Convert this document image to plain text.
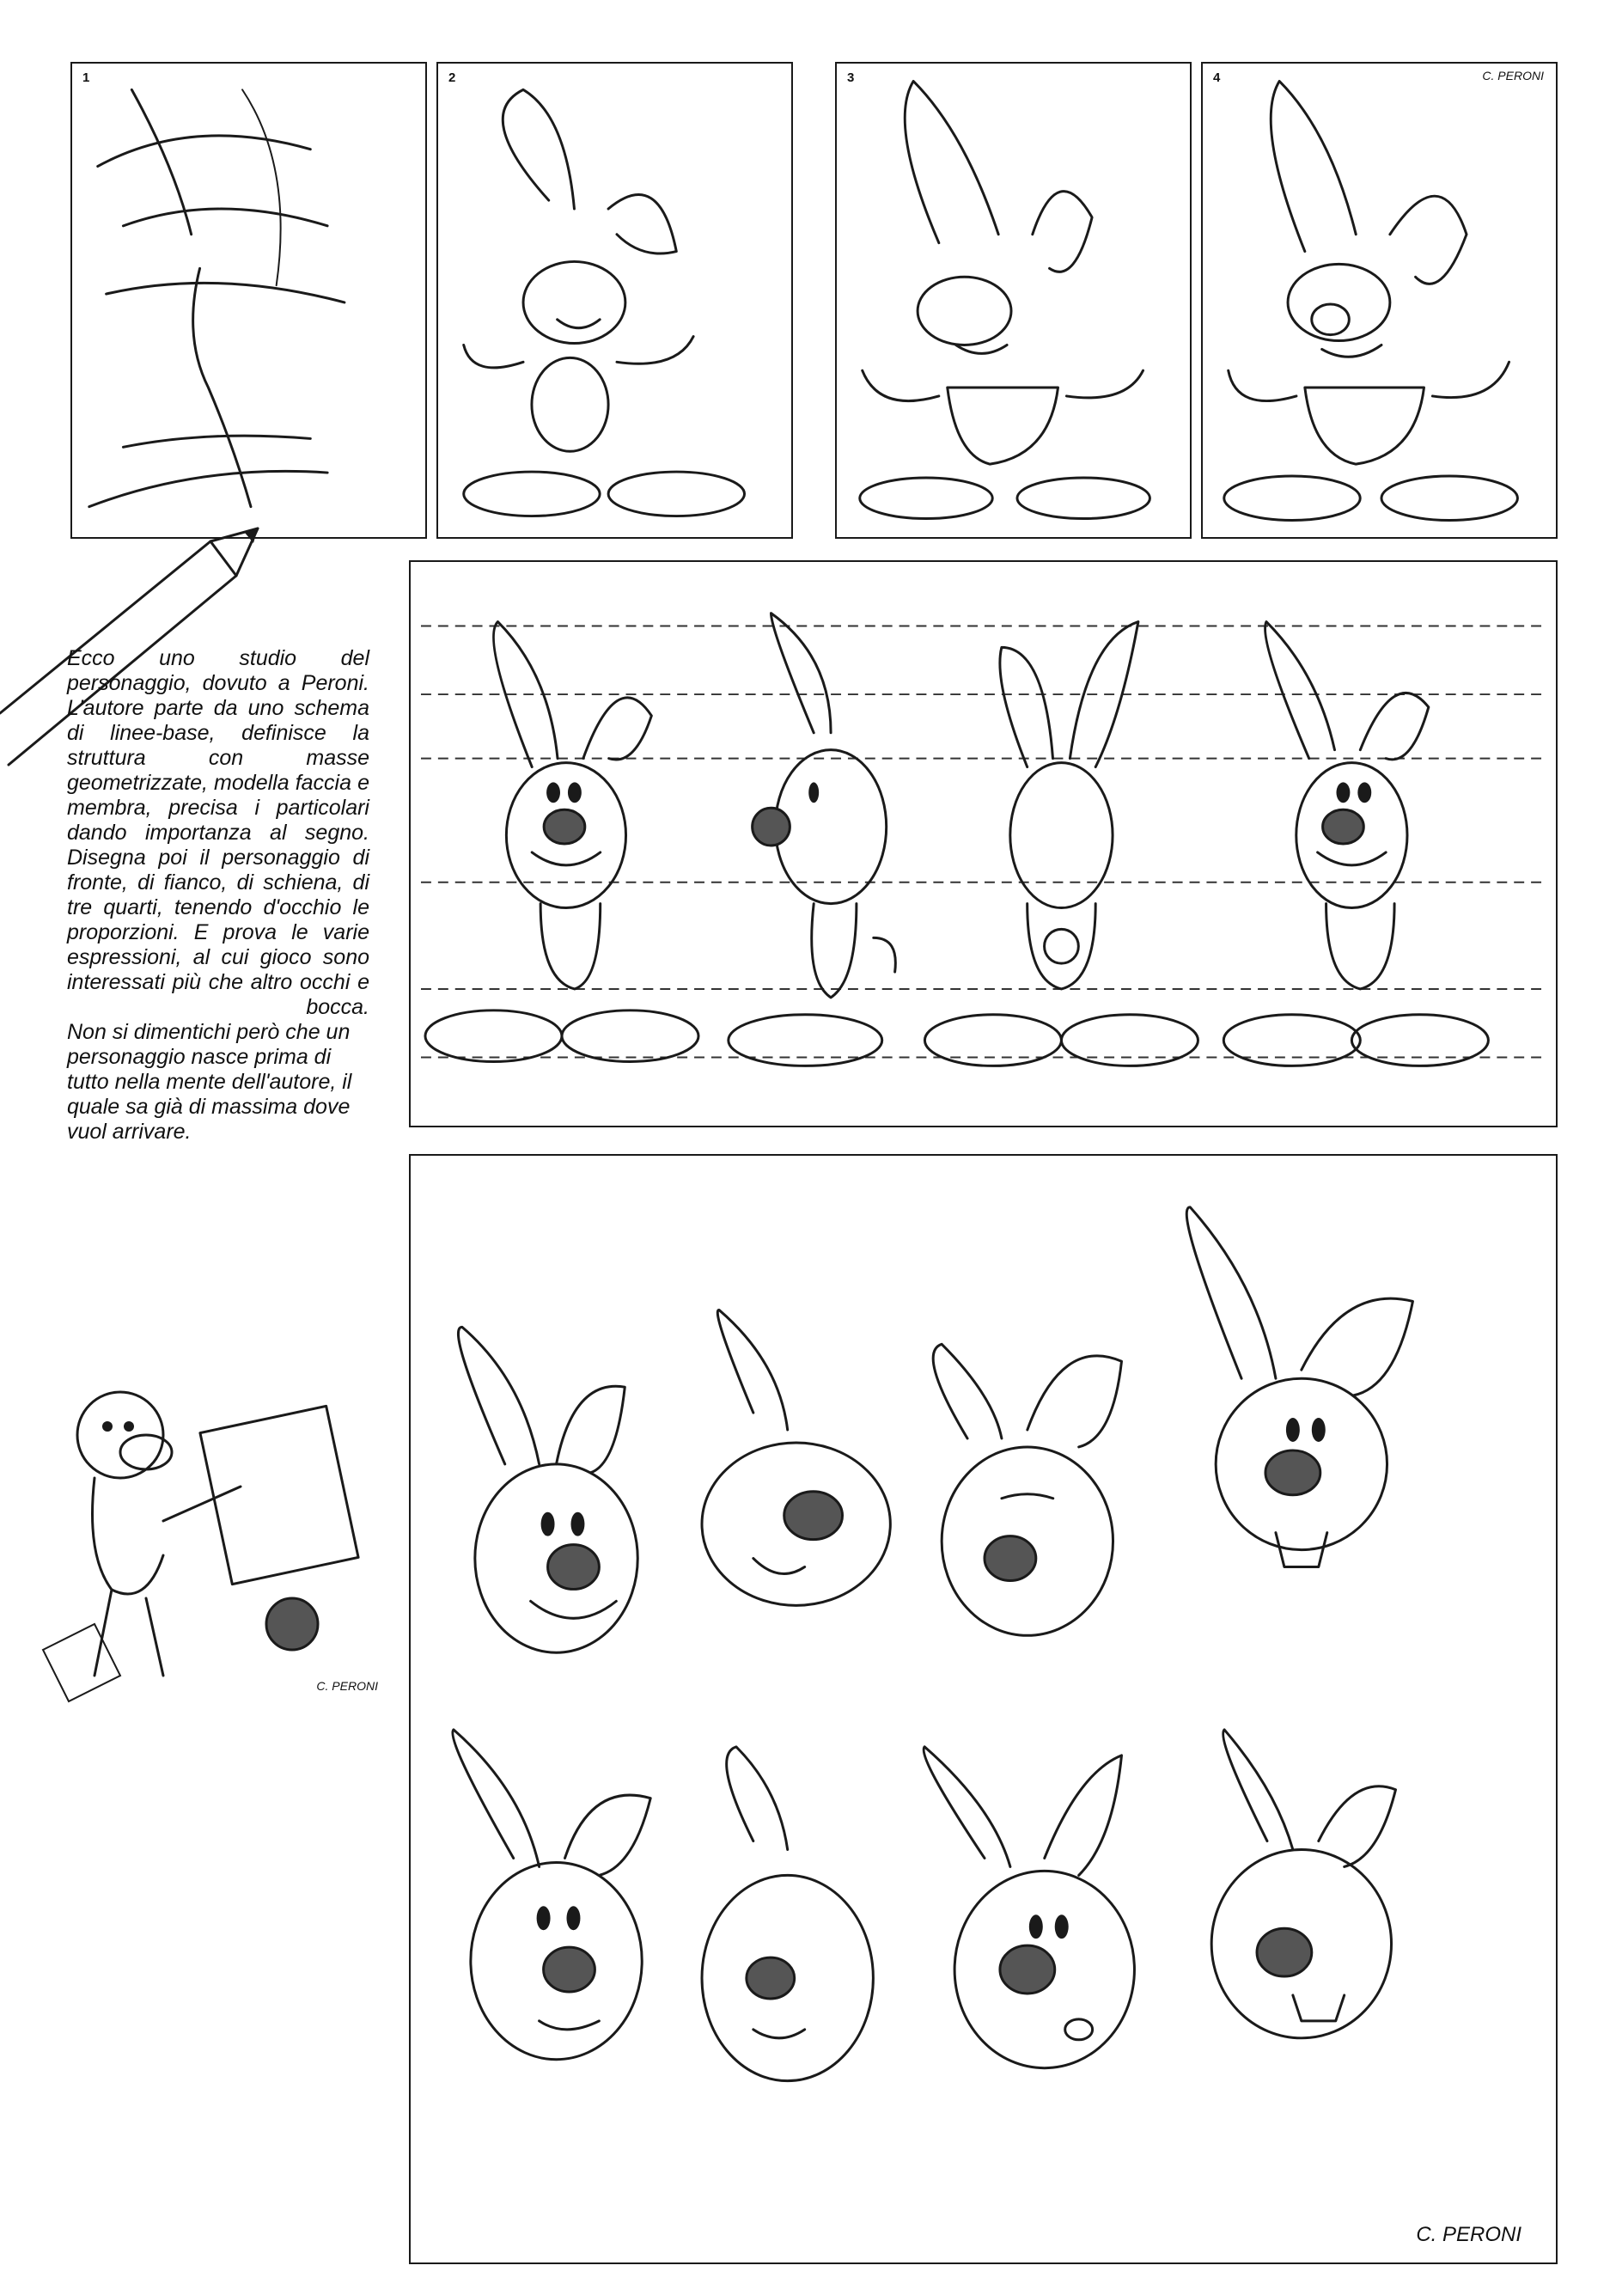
1	2	3	4	C. PERONI

Ecco uno studio del personaggio, dovuto a Peroni. L'autore parte da uno schema di linee-base, definisce la struttura con masse geometrizzate, modella faccia e membra, precisa i particolari dando importanza al segno. Disegna poi il personaggio di fronte, di fianco, di schiena, di tre quarti, tenendo d'occhio le proporzioni. E prova le varie espressioni, al cui gioco sono interessati più che altro occhi e bocca.

Non si dimentichi però che un personaggio nasce prima di tutto nella mente dell'autore, il quale sa già di massima dove vuol arrivare.

C. PERONI
C. PERONI
